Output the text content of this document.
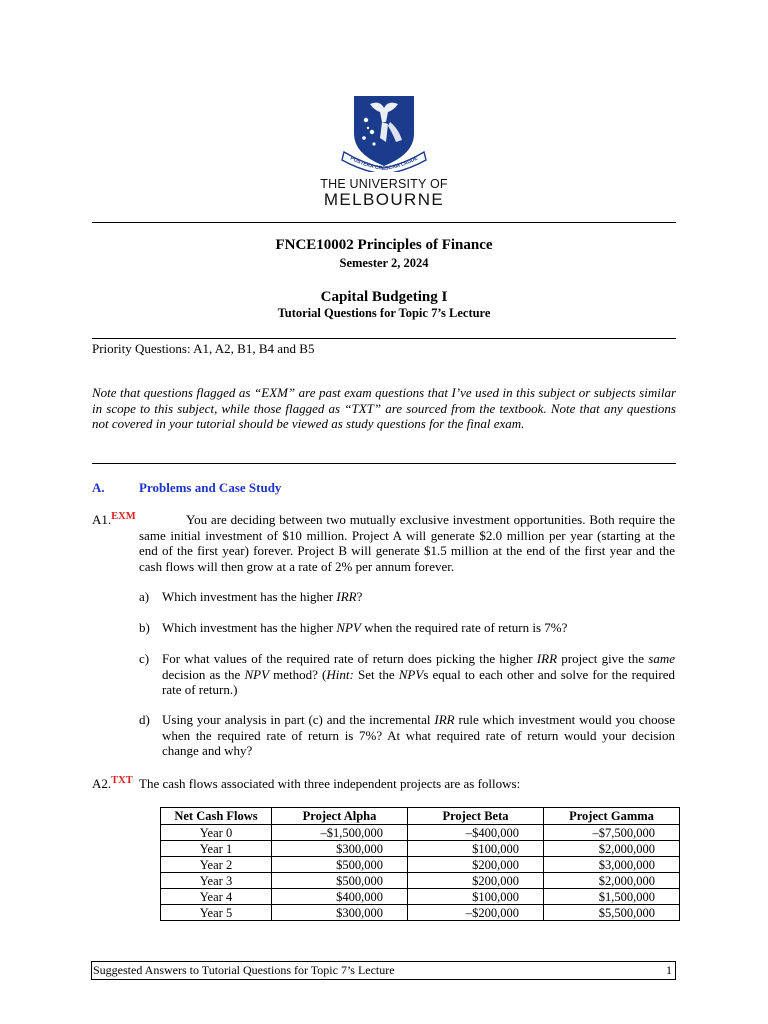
POSTERA CRESCAM LAUDE
THE UNIVERSITY OF
MELBOURNE
FNCE10002 Principles of Finance
Semester 2, 2024
Capital Budgeting I
Tutorial Questions for Topic 7’s Lecture
Priority Questions: A1, A2, B1, B4 and B5
Note that questions flagged as “EXM” are past exam questions that I’ve used in this subject or subjects similar in scope to this subject, while those flagged as “TXT” are sourced from the textbook. Note that any questions not covered in your tutorial should be viewed as study questions for the final exam.
A.	Problems and Case Study
A1.$^{EXM}$	You are deciding between two mutually exclusive investment opportunities. Both require the same initial investment of $10 million. Project A will generate $2.0 million per year (starting at the end of the first year) forever. Project B will generate $1.5 million at the end of the first year and the cash flows will then grow at a rate of 2% per annum forever.
a) Which investment has the higher IRR?
b) Which investment has the higher NPV when the required rate of return is 7%?
c) For what values of the required rate of return does picking the higher IRR project give the same decision as the NPV method? (Hint: Set the NPVs equal to each other and solve for the required rate of return.)
d) Using your analysis in part (c) and the incremental IRR rule which investment would you choose when the required rate of return is 7%? At what required rate of return would your decision change and why?
A2.$^{TXT}$ The cash flows associated with three independent projects are as follows:
Net Cash Flows	Project Alpha	Project Beta	Project Gamma
Year 0	–$1,500,000	–$400,000	–$7,500,000
Year 1	$300,000	$100,000	$2,000,000
Year 2	$500,000	$200,000	$3,000,000
Year 3	$500,000	$200,000	$2,000,000
Year 4	$400,000	$100,000	$1,500,000
Year 5	$300,000	–$200,000	$5,500,000
Suggested Answers to Tutorial Questions for Topic 7’s Lecture	1
